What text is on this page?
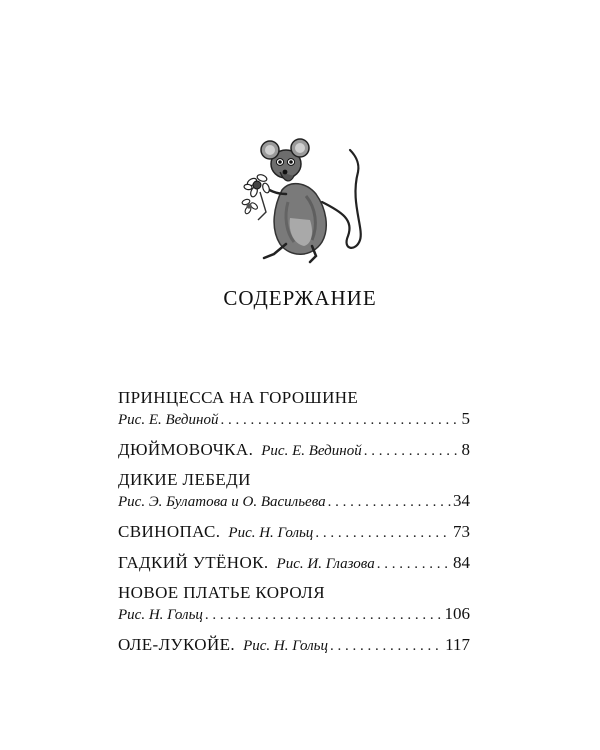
СОДЕРЖАНИЕ
ПРИНЦЕССА НА ГОРОШИНЕ
Рис. Е. Вединой . . .	5
ДЮЙМОВОЧКА. Рис. Е. Вединой . . .	8
ДИКИЕ ЛЕБЕДИ
Рис. Э. Булатова и О. Васильева . . .	34
СВИНОПАС. Рис. Н. Гольц . . .	73
ГАДКИЙ УТЁНОК. Рис. И. Глазова . . .	84
НОВОЕ ПЛАТЬЕ КОРОЛЯ
Рис. Н. Гольц . . .	106
ОЛЕ-ЛУКОЙЕ. Рис. Н. Гольц . . .	117
